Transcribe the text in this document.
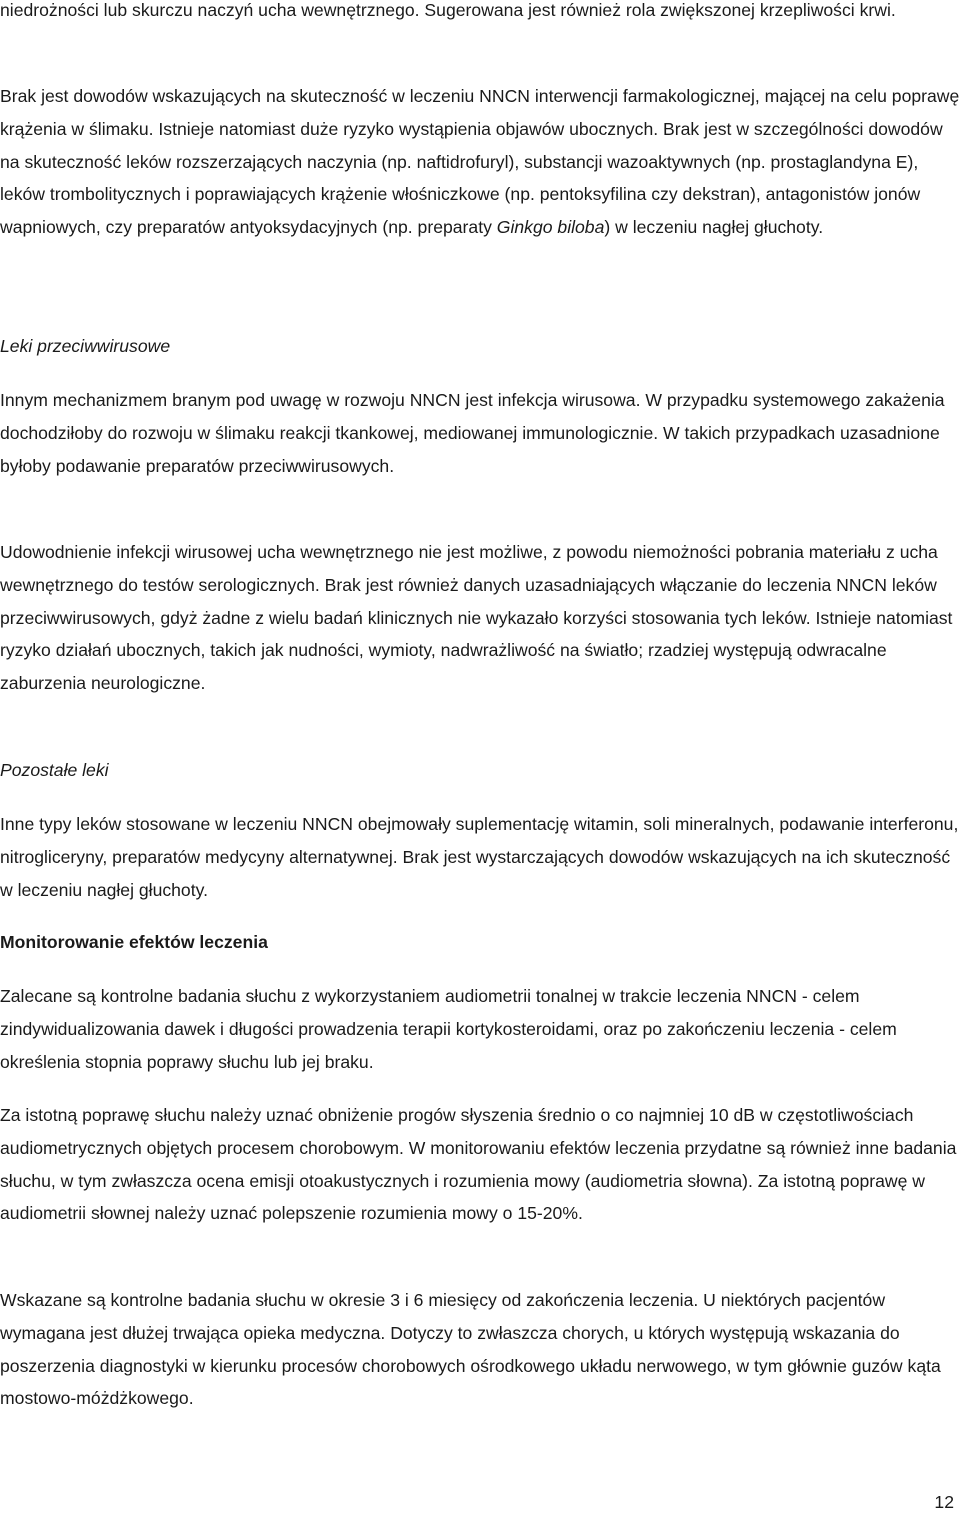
niedrożności lub skurczu naczyń ucha wewnętrznego. Sugerowana jest również rola zwiększonej krzepliwości krwi.

Brak jest dowodów wskazujących na skuteczność w leczeniu NNCN interwencji farmakologicznej, mającej na celu poprawę krążenia w ślimaku. Istnieje natomiast duże ryzyko wystąpienia objawów ubocznych. Brak jest w szczególności dowodów na skuteczność leków rozszerzających naczynia (np. naftidrofuryl), substancji wazoaktywnych (np. prostaglandyna E), leków trombolitycznych i poprawiających krążenie włośniczkowe (np. pentoksyfilina czy dekstran), antagonistów jonów wapniowych, czy preparatów antyoksydacyjnych (np. preparaty Ginkgo biloba) w leczeniu nagłej głuchoty.

Leki przeciwwirusowe

Innym mechanizmem branym pod uwagę w rozwoju NNCN jest infekcja wirusowa. W przypadku systemowego zakażenia dochodziłoby do rozwoju w ślimaku reakcji tkankowej, mediowanej immunologicznie. W takich przypadkach uzasadnione byłoby podawanie preparatów przeciwwirusowych.

Udowodnienie infekcji wirusowej ucha wewnętrznego nie jest możliwe, z powodu niemożności pobrania materiału z ucha wewnętrznego do testów serologicznych. Brak jest również danych uzasadniających włączanie do leczenia NNCN leków przeciwwirusowych, gdyż żadne z wielu badań klinicznych nie wykazało korzyści stosowania tych leków. Istnieje natomiast ryzyko działań ubocznych, takich jak nudności, wymioty, nadwrażliwość na światło; rzadziej występują odwracalne zaburzenia neurologiczne.

Pozostałe leki

Inne typy leków stosowane w leczeniu NNCN obejmowały suplementację witamin, soli mineralnych, podawanie interferonu, nitrogliceryny, preparatów medycyny alternatywnej. Brak jest wystarczających dowodów wskazujących na ich skuteczność w leczeniu nagłej głuchoty.

Monitorowanie efektów leczenia

Zalecane są kontrolne badania słuchu z wykorzystaniem audiometrii tonalnej w trakcie leczenia NNCN - celem zindywidualizowania dawek i długości prowadzenia terapii kortykosteroidami, oraz po zakończeniu leczenia - celem określenia stopnia poprawy słuchu lub jej braku.

Za istotną poprawę słuchu należy uznać obniżenie progów słyszenia średnio o co najmniej 10 dB w częstotliwościach audiometrycznych objętych procesem chorobowym. W monitorowaniu efektów leczenia przydatne są również inne badania słuchu, w tym zwłaszcza ocena emisji otoakustycznych i rozumienia mowy (audiometria słowna). Za istotną poprawę w audiometrii słownej należy uznać polepszenie rozumienia mowy o 15-20%.

Wskazane są kontrolne badania słuchu w okresie 3 i 6 miesięcy od zakończenia leczenia. U niektórych pacjentów wymagana jest dłużej trwająca opieka medyczna. Dotyczy to zwłaszcza chorych, u których występują wskazania do poszerzenia diagnostyki w kierunku procesów chorobowych ośrodkowego układu nerwowego, w tym głównie guzów kąta mostowo-móżdżkowego.

12
